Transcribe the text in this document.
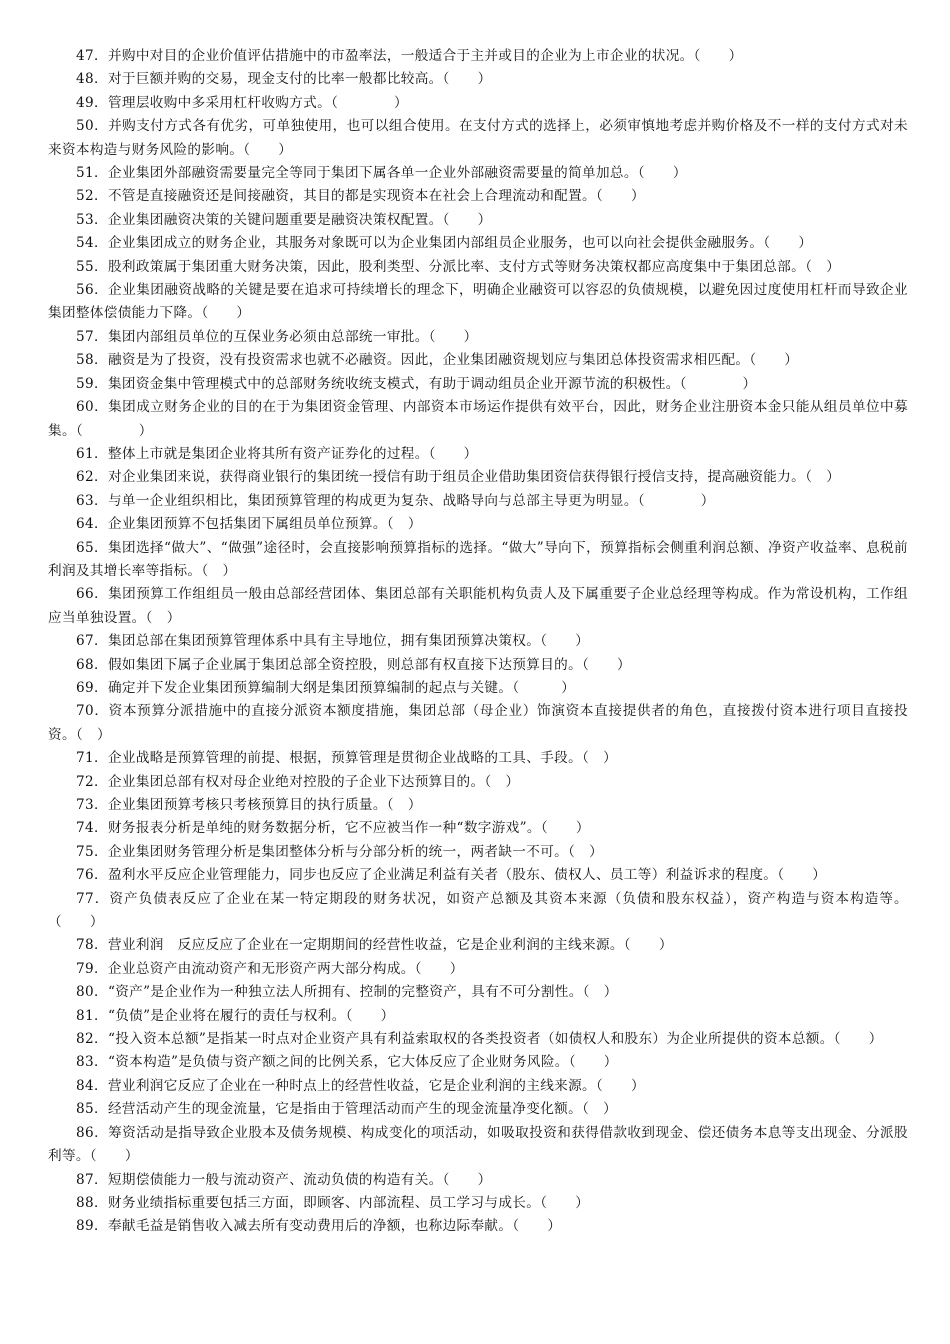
47．并购中对目的企业价值评估措施中的市盈率法，一般适合于主并或目的企业为上市企业的状况。（　　）

48．对于巨额并购的交易，现金支付的比率一般都比较高。（　　）

49．管理层收购中多采用杠杆收购方式。（　　　　）

50．并购支付方式各有优劣，可单独使用，也可以组合使用。在支付方式的选择上，必须审慎地考虑并购价格及不一样的支付方式对未来资本构造与财务风险的影响。（　　）

51．企业集团外部融资需要量完全等同于集团下属各单一企业外部融资需要量的简单加总。（　　）

52．不管是直接融资还是间接融资，其目的都是实现资本在社会上合理流动和配置。（　　）

53．企业集团融资决策的关键问题重要是融资决策权配置。（　　）

54．企业集团成立的财务企业，其服务对象既可以为企业集团内部组员企业服务，也可以向社会提供金融服务。（　　）

55．股利政策属于集团重大财务决策，因此，股利类型、分派比率、支付方式等财务决策权都应高度集中于集团总部。（　）

56．企业集团融资战略的关键是要在追求可持续增长的理念下，明确企业融资可以容忍的负债规模，以避免因过度使用杠杆而导致企业集团整体偿债能力下降。（　　）

57．集团内部组员单位的互保业务必须由总部统一审批。（　　）

58．融资是为了投资，没有投资需求也就不必融资。因此，企业集团融资规划应与集团总体投资需求相匹配。（　　）

59．集团资金集中管理模式中的总部财务统收统支模式，有助于调动组员企业开源节流的积极性。（　　　　）

60．集团成立财务企业的目的在于为集团资金管理、内部资本市场运作提供有效平台，因此，财务企业注册资本金只能从组员单位中募集。（　　　　）

61．整体上市就是集团企业将其所有资产证券化的过程。（　　）

62．对企业集团来说，获得商业银行的集团统一授信有助于组员企业借助集团资信获得银行授信支持，提高融资能力。（　）

63．与单一企业组织相比，集团预算管理的构成更为复杂、战略导向与总部主导更为明显。（　　　　）

64．企业集团预算不包括集团下属组员单位预算。（　）

65．集团选择“做大”、“做强”途径时，会直接影响预算指标的选择。“做大”导向下，预算指标会侧重利润总额、净资产收益率、息税前利润及其增长率等指标。（　）

66．集团预算工作组组员一般由总部经营团体、集团总部有关职能机构负责人及下属重要子企业总经理等构成。作为常设机构，工作组应当单独设置。（　）

67．集团总部在集团预算管理体系中具有主导地位，拥有集团预算决策权。（　　）

68．假如集团下属子企业属于集团总部全资控股，则总部有权直接下达预算目的。（　　）

69．确定并下发企业集团预算编制大纲是集团预算编制的起点与关键。（　　　）

70．资本预算分派措施中的直接分派资本额度措施，集团总部（母企业）饰演资本直接提供者的角色，直接拨付资本进行项目直接投资。（　）

71．企业战略是预算管理的前提、根据，预算管理是贯彻企业战略的工具、手段。（　）

72．企业集团总部有权对母企业绝对控股的子企业下达预算目的。（　）

73．企业集团预算考核只考核预算目的执行质量。（　）

74．财务报表分析是单纯的财务数据分析，它不应被当作一种“数字游戏”。（　　）

75．企业集团财务管理分析是集团整体分析与分部分析的统一，两者缺一不可。（　）

76．盈利水平反应企业管理能力，同步也反应了企业满足利益有关者（股东、债权人、员工等）利益诉求的程度。（　　）

77．资产负债表反应了企业在某一特定期段的财务状况，如资产总额及其资本来源（负债和股东权益），资产构造与资本构造等。（　　）

78．营业利润　反应反应了企业在一定期期间的经营性收益，它是企业利润的主线来源。（　　）

79．企业总资产由流动资产和无形资产两大部分构成。（　　）

80．“资产”是企业作为一种独立法人所拥有、控制的完整资产，具有不可分割性。（　）

81．“负债”是企业将在履行的责任与权利。（　　）

82．“投入资本总额”是指某一时点对企业资产具有利益索取权的各类投资者（如债权人和股东）为企业所提供的资本总额。（　　）

83．“资本构造”是负债与资产额之间的比例关系，它大体反应了企业财务风险。（　　）

84．营业利润它反应了企业在一种时点上的经营性收益，它是企业利润的主线来源。（　　）

85．经营活动产生的现金流量，它是指由于管理活动而产生的现金流量净变化额。（　）

86．筹资活动是指导致企业股本及债务规模、构成变化的项活动，如吸取投资和获得借款收到现金、偿还债务本息等支出现金、分派股利等。（　　）

87．短期偿债能力一般与流动资产、流动负债的构造有关。（　　）

88．财务业绩指标重要包括三方面，即顾客、内部流程、员工学习与成长。（　　）

89．奉献毛益是销售收入减去所有变动费用后的净额，也称边际奉献。（　　）
